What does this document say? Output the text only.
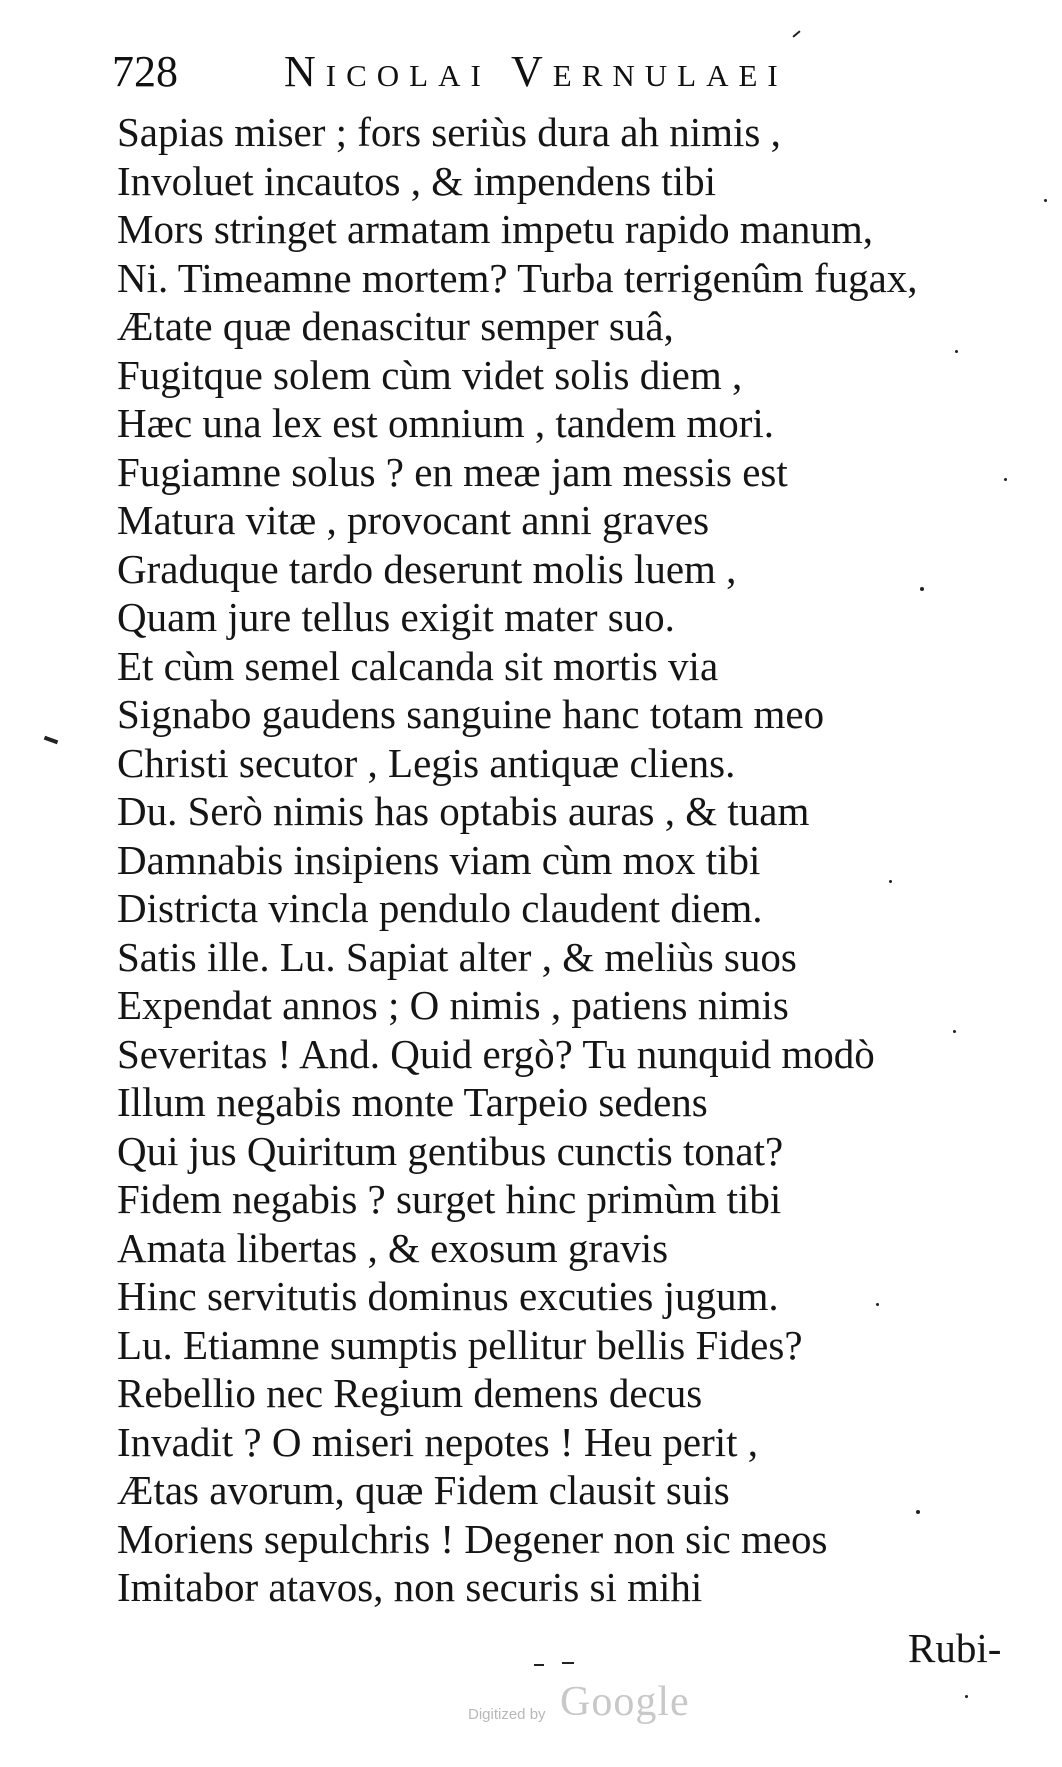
728 Nicolai Vernulaei
Sapias miser ; fors seriùs dura ah nimis ,
Involuet incautos , & impendens tibi
Mors stringet armatam impetu rapido manum,
Ni. Timeamne mortem? Turba terrigenûm fugax,
Ætate quæ denascitur semper suâ,
Fugitque solem cùm videt solis diem ,
Hæc una lex est omnium , tandem mori.
Fugiamne solus ? en meæ jam messis est
Matura vitæ , provocant anni graves
Graduque tardo deserunt molis luem ,
Quam jure tellus exigit mater suo.
Et cùm semel calcanda sit mortis via
Signabo gaudens sanguine hanc totam meo
Christi secutor , Legis antiquæ cliens.
Du. Serò nimis has optabis auras , & tuam
Damnabis insipiens viam cùm mox tibi
Districta vincla pendulo claudent diem.
Satis ille. Lu. Sapiat alter , & meliùs suos
Expendat annos ; O nimis , patiens nimis
Severitas ! And. Quid ergò? Tu nunquid modò
Illum negabis monte Tarpeio sedens
Qui jus Quiritum gentibus cunctis tonat?
Fidem negabis ? surget hinc primùm tibi
Amata libertas , & exosum gravis
Hinc servitutis dominus excuties jugum.
Lu. Etiamne sumptis pellitur bellis Fides?
Rebellio nec Regium demens decus
Invadit ? O miseri nepotes ! Heu perit ,
Ætas avorum, quæ Fidem clausit suis
Moriens sepulchris ! Degener non sic meos
Imitabor atavos, non securis si mihi
Rubi-
Digitized by Google
